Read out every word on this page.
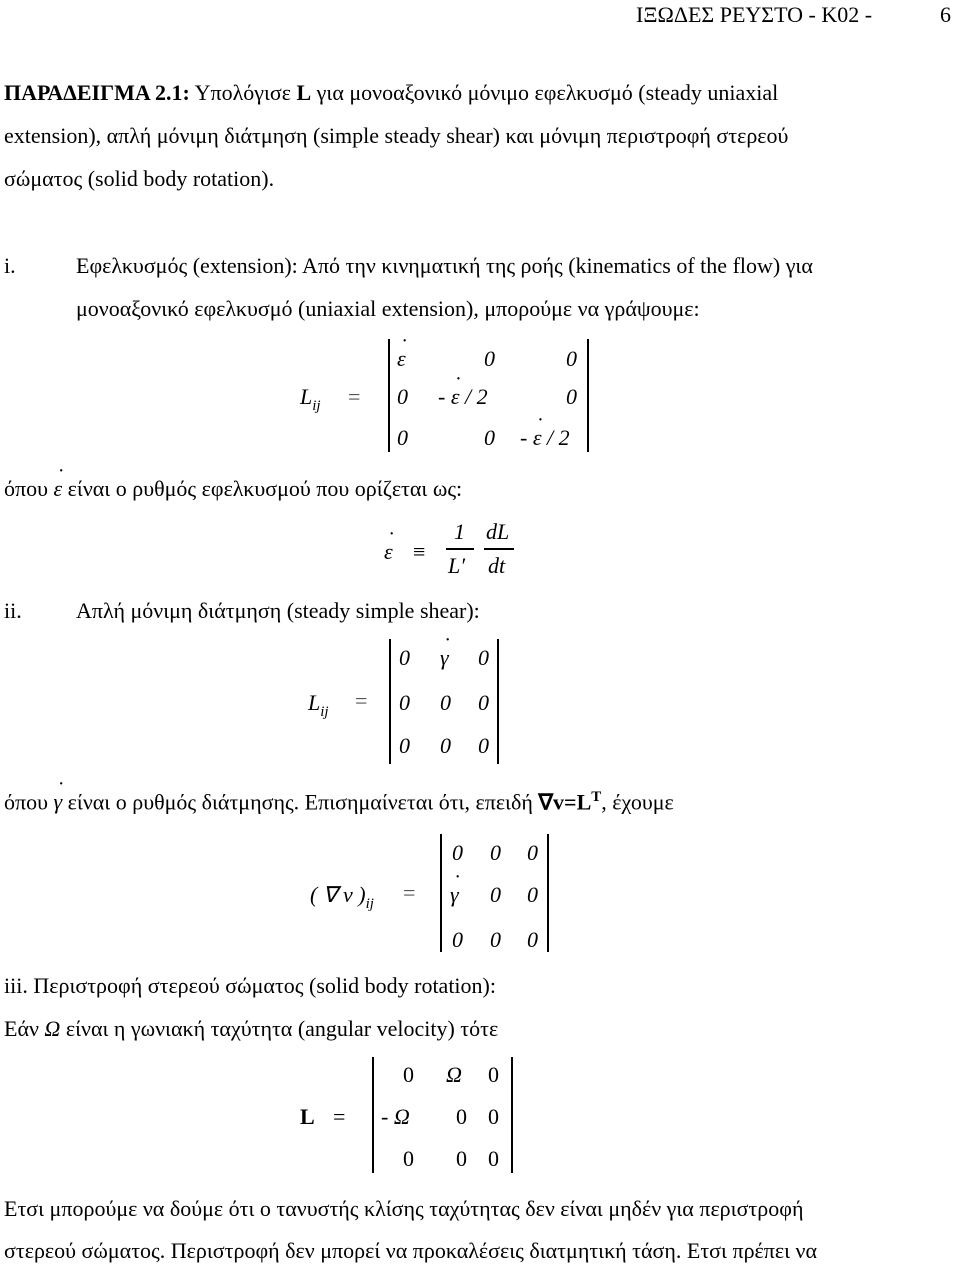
ΙΞΩΔΕΣ ΡΕΥΣΤΟ - Κ02 -	6
ΠΑΡΑΔΕΙΓΜΑ 2.1: Υπολόγισε L για μονοαξονικό μόνιμο εφελκυσμό (steady uniaxial
extension), απλή μόνιμη διάτμηση (simple steady shear) και μόνιμη περιστροφή στερεού
σώματος (solid body rotation).
i.	Εφελκυσμός (extension): Από την κινηματική της ροής (kinematics of the flow) για
μονοαξονικό εφελκυσμό (uniaxial extension), μπορούμε να γράψουμε:
$L_{ij}$ =
ε ˙	0	0
0 - ε ˙ / 2	0
0	0 - ε ˙ / 2
όπου ε ˙ είναι ο ρυθμός εφελκυσμού που ορίζεται ως:
ε ˙ ≡
1
L′
dL
dt
ii. Απλή μόνιμη διάτμηση (steady simple shear):
$L_{ij}$ =
0 γ ˙ 0
0 0 0
0 0 0
όπου γ ˙ είναι ο ρυθμός διάτμησης. Επισημαίνεται ότι, επειδή $\nabla v=L^T$, έχουμε
( ∇ v )$_{ij}$ =
0 0 0
γ ˙ 0 0
0 0 0
iii. Περιστροφή στερεού σώματος (solid body rotation):
Εάν Ω είναι η γωνιακή ταχύτητα (angular velocity) τότε
L =
0 Ω 0
- Ω 0 0
0 0 0
Ετσι μπορούμε να δούμε ότι ο τανυστής κλίσης ταχύτητας δεν είναι μηδέν για περιστροφή
στερεού σώματος. Περιστροφή δεν μπορεί να προκαλέσεις διατμητική τάση. Ετσι πρέπει να
